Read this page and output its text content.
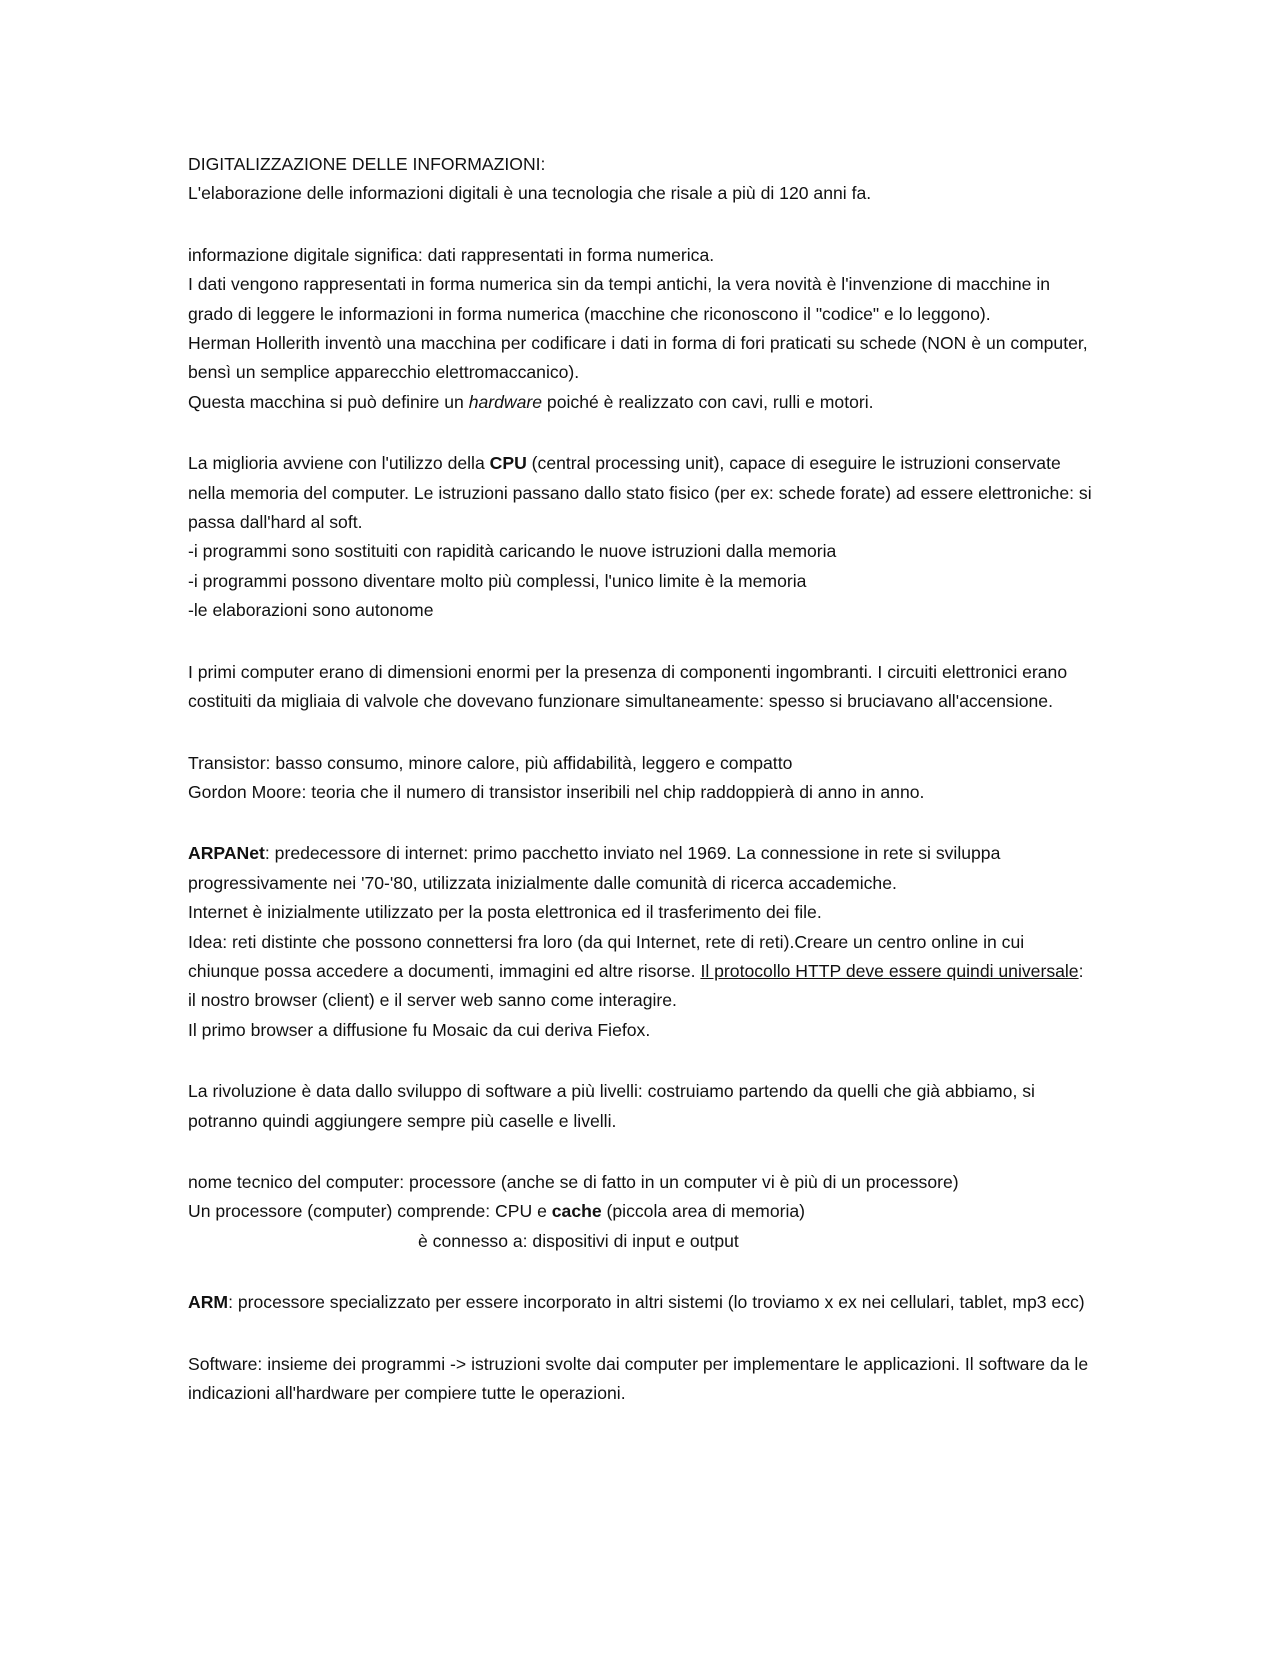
DIGITALIZZAZIONE DELLE INFORMAZIONI:

L'elaborazione delle informazioni digitali è una tecnologia che risale a più di 120 anni fa.

informazione digitale significa: dati rappresentati in forma numerica.

I dati vengono rappresentati in forma numerica sin da tempi antichi, la vera novità è l'invenzione di macchine in grado di leggere le informazioni in forma numerica (macchine che riconoscono il "codice" e lo leggono).

Herman Hollerith inventò una macchina per codificare i dati in forma di fori praticati su schede (NON è un computer, bensì un semplice apparecchio elettromaccanico).

Questa macchina si può definire un hardware poiché è realizzato con cavi, rulli e motori.

La miglioria avviene con l'utilizzo della CPU (central processing unit), capace di eseguire le istruzioni conservate nella memoria del computer. Le istruzioni passano dallo stato fisico (per ex: schede forate) ad essere elettroniche: si passa dall'hard al soft.

-i programmi sono sostituiti con rapidità caricando le nuove istruzioni dalla memoria

-i programmi possono diventare molto più complessi, l'unico limite è la memoria

-le elaborazioni sono autonome

I primi computer erano di dimensioni enormi per la presenza di componenti ingombranti. I circuiti elettronici erano costituiti da migliaia di valvole che dovevano funzionare simultaneamente: spesso si bruciavano all'accensione.

Transistor: basso consumo, minore calore, più affidabilità, leggero e compatto

Gordon Moore: teoria che il numero di transistor inseribili nel chip raddoppierà di anno in anno.

ARPANet: predecessore di internet: primo pacchetto inviato nel 1969. La connessione in rete si sviluppa progressivamente nei '70-'80, utilizzata inizialmente dalle comunità di ricerca accademiche.

Internet è inizialmente utilizzato per la posta elettronica ed il trasferimento dei file.

Idea: reti distinte che possono connettersi fra loro (da qui Internet, rete di reti).Creare un centro online in cui chiunque possa accedere a documenti, immagini ed altre risorse. Il protocollo HTTP deve essere quindi universale: il nostro browser (client) e il server web sanno come interagire.

Il primo browser a diffusione fu Mosaic da cui deriva Fiefox.

La rivoluzione è data dallo sviluppo di software a più livelli: costruiamo partendo da quelli che già abbiamo, si potranno quindi aggiungere sempre più caselle e livelli.

nome tecnico del computer: processore (anche se di fatto in un computer vi è più di un processore)

Un processore (computer) comprende: CPU e cache (piccola area di memoria)

è connesso a: dispositivi di input e output

ARM: processore specializzato per essere incorporato in altri sistemi (lo troviamo x ex nei cellulari, tablet, mp3 ecc)

Software: insieme dei programmi -> istruzioni svolte dai computer per implementare le applicazioni. Il software da le indicazioni all'hardware per compiere tutte le operazioni.
